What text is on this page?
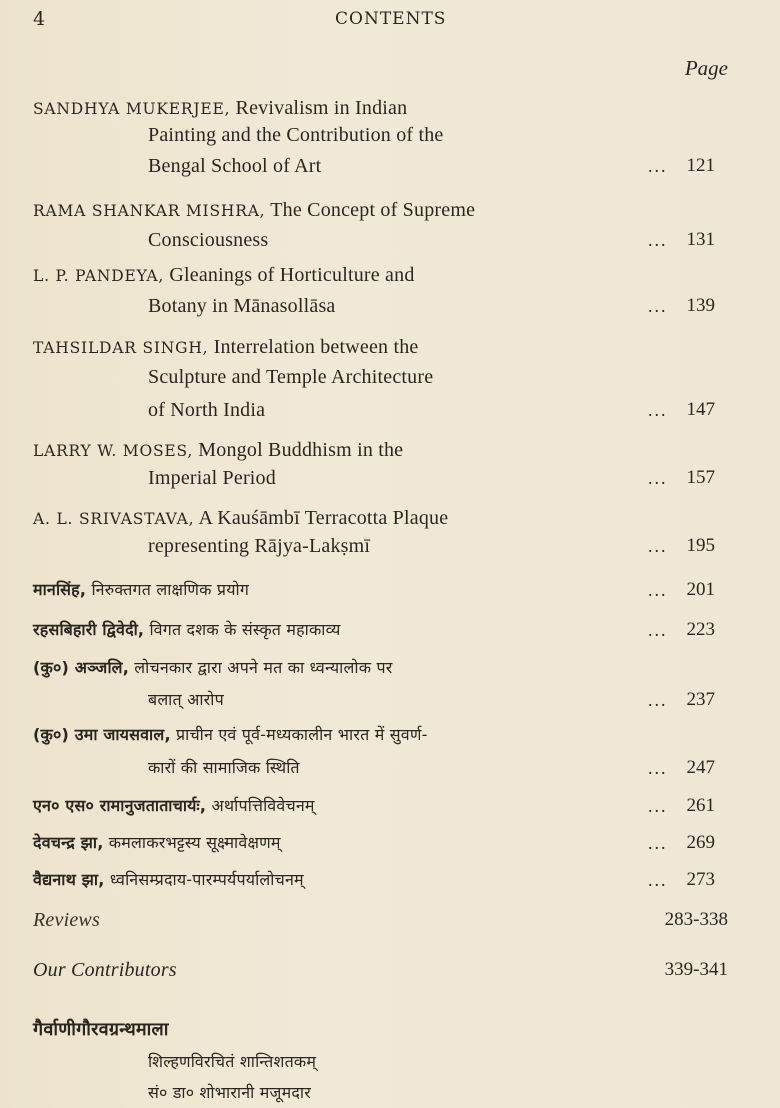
4	CONTENTS
Page
SANDHYA MUKERJEE, Revivalism in Indian
Painting and the Contribution of the
Bengal School of Art	... 121
RAMA SHANKAR MISHRA, The Concept of Supreme
Consciousness	... 131
L. P. PANDEYA, Gleanings of Horticulture and
Botany in Mānasollāsa	... 139
TAHSILDAR SINGH, Interrelation between the
Sculpture and Temple Architecture
of North India	... 147
LARRY W. MOSES, Mongol Buddhism in the
Imperial Period	... 157
A. L. SRIVASTAVA, A Kauśāmbī Terracotta Plaque
representing Rājya-Lakṣmī	... 195
मानसिंह, निरुक्तगत लाक्षणिक प्रयोग	... 201
रहसबिहारी द्विवेदी, विगत दशक के संस्कृत महाकाव्य	... 223
(कु०) अञ्जलि, लोचनकार द्वारा अपने मत का ध्वन्यालोक पर
बलात् आरोप	... 237
(कु०) उमा जायसवाल, प्राचीन एवं पूर्व-मध्यकालीन भारत में सुवर्ण-
कारों की सामाजिक स्थिति	... 247
एन० एस० रामानुजताताचार्यः, अर्थापत्तिविवेचनम्	... 261
देवचन्द्र झा, कमलाकरभट्टस्य सूक्ष्मावेक्षणम्	... 269
वैद्यनाथ झा, ध्वनिसम्प्रदाय-पारम्पर्यपर्यालोचनम्	... 273
Reviews	283-338
Our Contributors	339-341
गैर्वाणीगौरवग्रन्थमाला
शिल्हणविरचितं शान्तिशतकम्
सं० डा० शोभारानी मजूमदार
